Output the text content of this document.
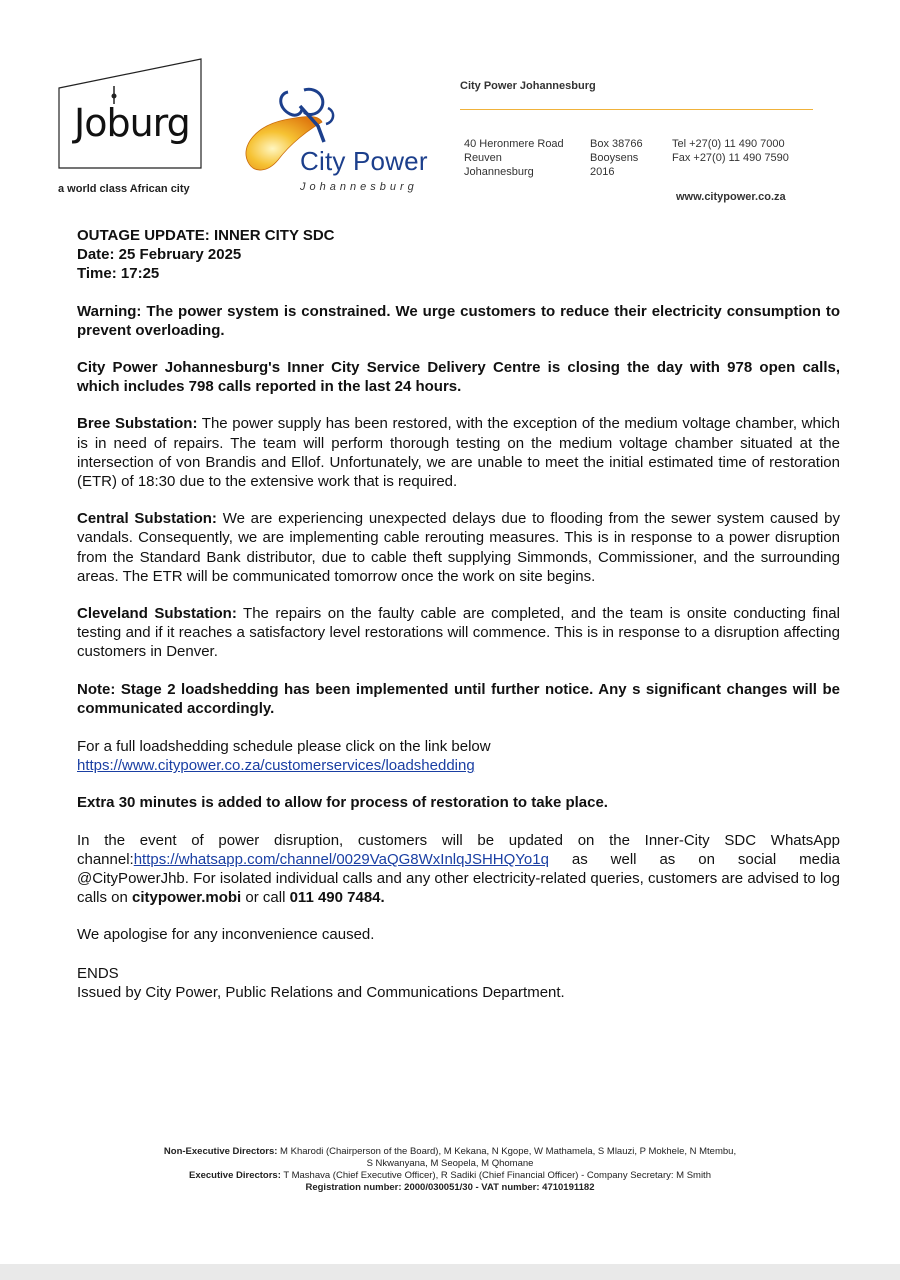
Joburg
a world class African city
City Power
Johannesburg
City Power Johannesburg
40 Heronmere Road
Reuven
Johannesburg
Box 38766
Booysens
2016
Tel +27(0) 11 490 7000
Fax +27(0) 11 490 7590
www.citypower.co.za
OUTAGE UPDATE: INNER CITY SDC
Date: 25 February 2025
Time: 17:25

Warning: The power system is constrained. We urge customers to reduce their electricity consumption to prevent overloading.

City Power Johannesburg's Inner City Service Delivery Centre is closing the day with 978 open calls, which includes 798 calls reported in the last 24 hours.

Bree Substation: The power supply has been restored, with the exception of the medium voltage chamber, which is in need of repairs. The team will perform thorough testing on the medium voltage chamber situated at the intersection of von Brandis and Ellof. Unfortunately, we are unable to meet the initial estimated time of restoration (ETR) of 18:30 due to the extensive work that is required.

Central Substation: We are experiencing unexpected delays due to flooding from the sewer system caused by vandals. Consequently, we are implementing cable rerouting measures. This is in response to a power disruption from the Standard Bank distributor, due to cable theft supplying Simmonds, Commissioner, and the surrounding areas. The ETR will be communicated tomorrow once the work on site begins.

Cleveland Substation: The repairs on the faulty cable are completed, and the team is onsite conducting final testing and if it reaches a satisfactory level restorations will commence. This is in response to a disruption affecting customers in Denver.

Note: Stage 2 loadshedding has been implemented until further notice. Any s significant changes will be communicated accordingly.

For a full loadshedding schedule please click on the link below
https://www.citypower.co.za/customerservices/loadshedding

Extra 30 minutes is added to allow for process of restoration to take place.

In the event of power disruption, customers will be updated on the Inner-City SDC WhatsApp channel:https://whatsapp.com/channel/0029VaQG8WxInlqJSHHQYo1q as well as on social media @CityPowerJhb. For isolated individual calls and any other electricity-related queries, customers are advised to log calls on citypower.mobi or call 011 490 7484.

We apologise for any inconvenience caused.

ENDS
Issued by City Power, Public Relations and Communications Department.
Non-Executive Directors: M Kharodi (Chairperson of the Board), M Kekana, N Kgope, W Mathamela, S Mlauzi, P Mokhele, N Mtembu,
S Nkwanyana, M Seopela, M Qhomane
Executive Directors: T Mashava (Chief Executive Officer), R Sadiki (Chief Financial Officer) - Company Secretary: M Smith
Registration number: 2000/030051/30 - VAT number: 4710191182
